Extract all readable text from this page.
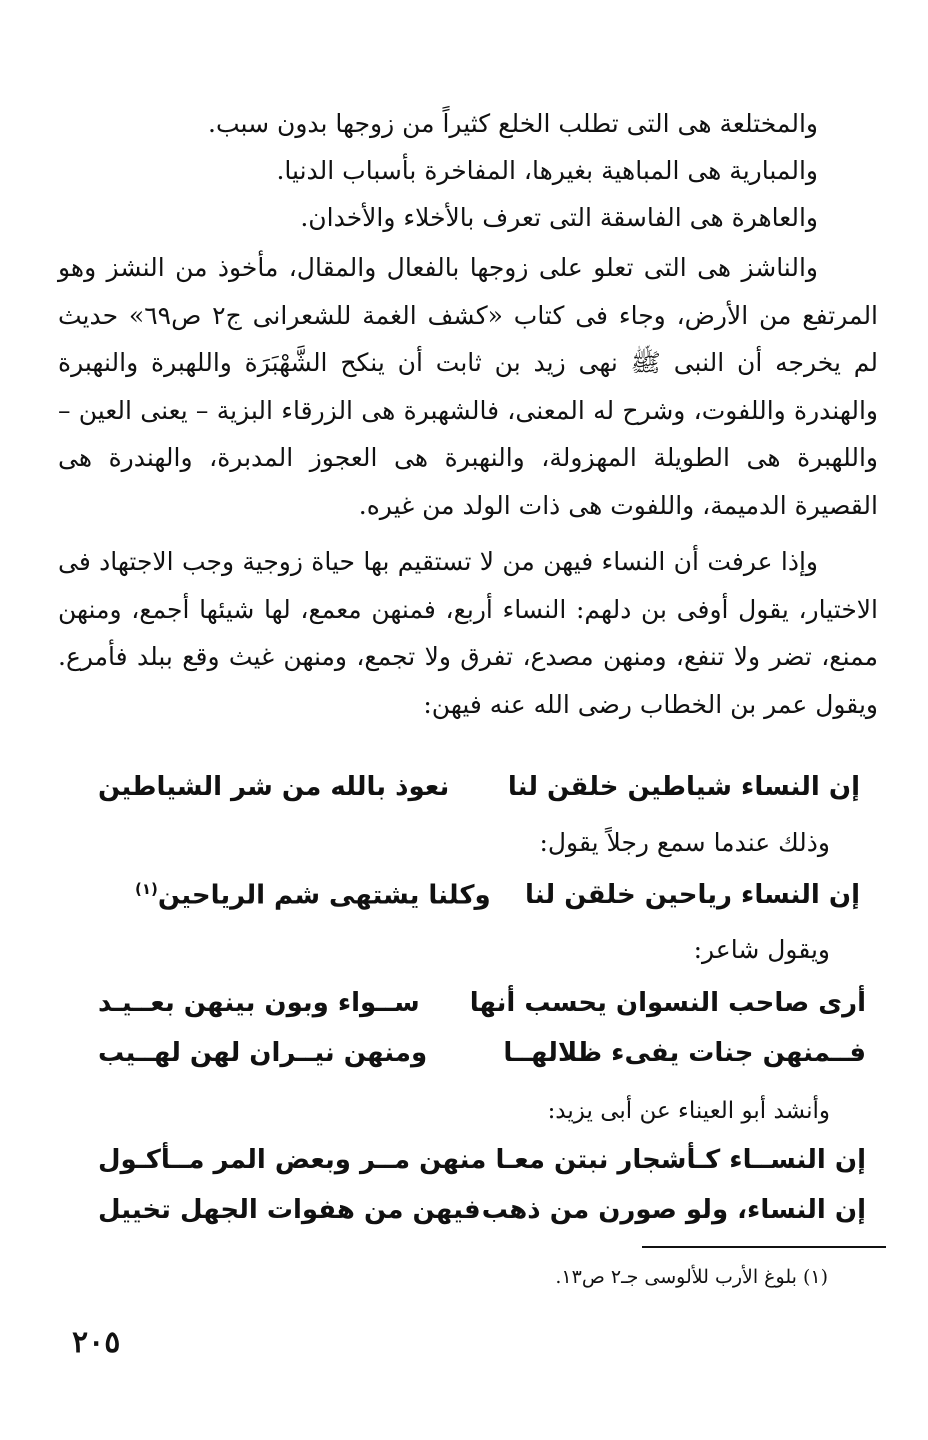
والمختلعة هى التى تطلب الخلع كثيراً من زوجها بدون سبب.

والمبارية هى المباهية بغيرها، المفاخرة بأسباب الدنيا.

والعاهرة هى الفاسقة التى تعرف بالأخلاء والأخدان.

والناشز هى التى تعلو على زوجها بالفعال والمقال، مأخوذ من النشز وهو المرتفع من الأرض، وجاء فى كتاب «كشف الغمة للشعرانى ج٢ ص٦٩» حديث لم يخرجه أن النبى ﷺ نهى زيد بن ثابت أن ينكح الشَّهْبَرَة واللهبرة والنهبرة والهندرة واللفوت، وشرح له المعنى، فالشهبرة هى الزرقاء البزية – يعنى العين – واللهبرة هى الطويلة المهزولة، والنهبرة هى العجوز المدبرة، والهندرة هى القصيرة الدميمة، واللفوت هى ذات الولد من غيره.

وإذا عرفت أن النساء فيهن من لا تستقيم بها حياة زوجية وجب الاجتهاد فى الاختيار، يقول أوفى بن دلهم: النساء أربع، فمنهن معمع، لها شيئها أجمع، ومنهن ممنع، تضر ولا تنفع، ومنهن مصدع، تفرق ولا تجمع، ومنهن غيث وقع ببلد فأمرع. ويقول عمر بن الخطاب رضى الله عنه فيهن:

إن النساء شياطين خلقن لنا

نعوذ بالله من شر الشياطين

وذلك عندما سمع رجلاً يقول:

إن النساء رياحين خلقن لنا

وكلنا يشتهى شم الرياحين$^{(١)}$

ويقول شاعر:

أرى صاحب النسوان يحسب أنها

ســواء وبون بينهن بعــيـد

فــمنهن جنات يفىء ظلالهــا

ومنهن نيــران لهن لهــيب

وأنشد أبو العيناء عن أبى يزيد:

إن النســاء كـأشجار نبتن معـا

منهن مــر وبعض المر مــأكـول

إن النساء، ولو صورن من ذهب

فيهن من هفوات الجهل تخييل

(١) بلوغ الأرب للألوسى جـ٢ ص١٣.

٢٠٥
